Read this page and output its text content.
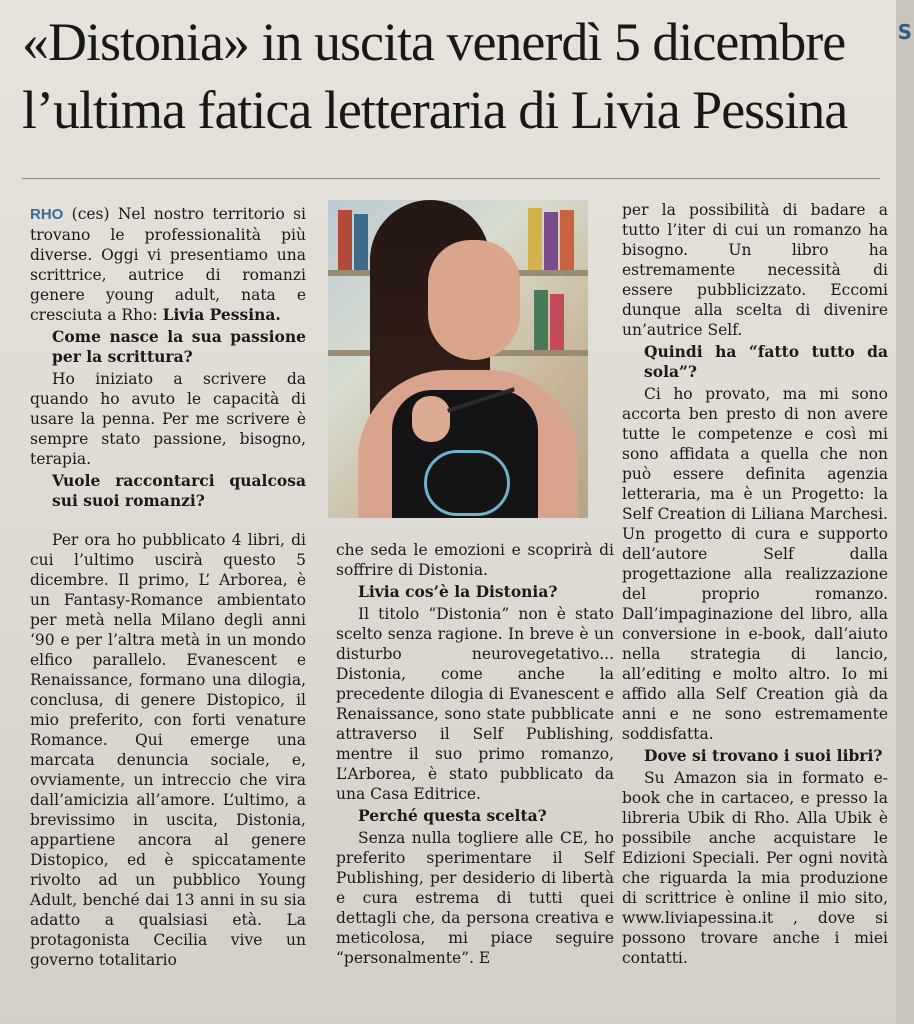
«Distonia» in uscita venerdì 5 dicembre
l’ultima fatica letteraria di Livia Pessina

RHO (ces) Nel nostro territorio si trovano le professionalità più diverse. Oggi vi presentiamo una scrittrice, autrice di romanzi genere young adult, nata e cresciuta a Rho: Livia Pessina.

Come nasce la sua passione per la scrittura?

Ho iniziato a scrivere da quando ho avuto le capacità di usare la penna. Per me scrivere è sempre stato passione, bisogno, terapia.

Vuole raccontarci qualcosa sui suoi romanzi?

Per ora ho pubblicato 4 libri, di cui l’ultimo uscirà questo 5 dicembre. Il primo, L’ Arborea, è un Fantasy-Romance ambientato per metà nella Milano degli anni ‘90 e per l’altra metà in un mondo elfico parallelo. Evanescent e Renaissance, formano una dilogia, conclusa, di genere Distopico, il mio preferito, con forti venature Romance. Qui emerge una marcata denuncia sociale, e, ovviamente, un intreccio che vira dall’amicizia all’amore. L’ultimo, a brevissimo in uscita, Distonia, appartiene ancora al genere Distopico, ed è spiccatamente rivolto ad un pubblico Young Adult, benché dai 13 anni in su sia adatto a qualsiasi età. La protagonista Cecilia vive un governo totalitario

che seda le emozioni e scoprirà di soffrire di Distonia.

Livia cos’è la Distonia?

Il titolo “Distonia” non è stato scelto senza ragione. In breve è un disturbo neurovegetativo... Distonia, come anche la precedente dilogia di Evanescent e Renaissance, sono state pubblicate attraverso il Self Publishing, mentre il suo primo romanzo, L’Arborea, è stato pubblicato da una Casa Editrice.

Perché questa scelta?

Senza nulla togliere alle CE, ho preferito sperimentare il Self Publishing, per desiderio di libertà e cura estrema di tutti quei dettagli che, da persona creativa e meticolosa, mi piace seguire “personalmente”. E

per la possibilità di badare a tutto l’iter di cui un romanzo ha bisogno. Un libro ha estremamente necessità di essere pubblicizzato. Eccomi dunque alla scelta di divenire un’autrice Self.

Quindi ha “fatto tutto da sola”?

Ci ho provato, ma mi sono accorta ben presto di non avere tutte le competenze e così mi sono affidata a quella che non può essere definita agenzia letteraria, ma è un Progetto: la Self Creation di Liliana Marchesi. Un progetto di cura e supporto dell’autore Self dalla progettazione alla realizzazione del proprio romanzo. Dall’impaginazione del libro, alla conversione in e-book, dall’aiuto nella strategia di lancio, all’editing e molto altro. Io mi affido alla Self Creation già da anni e ne sono estremamente soddisfatta.

Dove si trovano i suoi libri?

Su Amazon sia in formato e-book che in cartaceo, e presso la libreria Ubik di Rho. Alla Ubik è possibile anche acquistare le Edizioni Speciali. Per ogni novità che riguarda la mia produzione di scrittrice è online il mio sito, www.liviapessina.it , dove si possono trovare anche i miei contatti.

S
